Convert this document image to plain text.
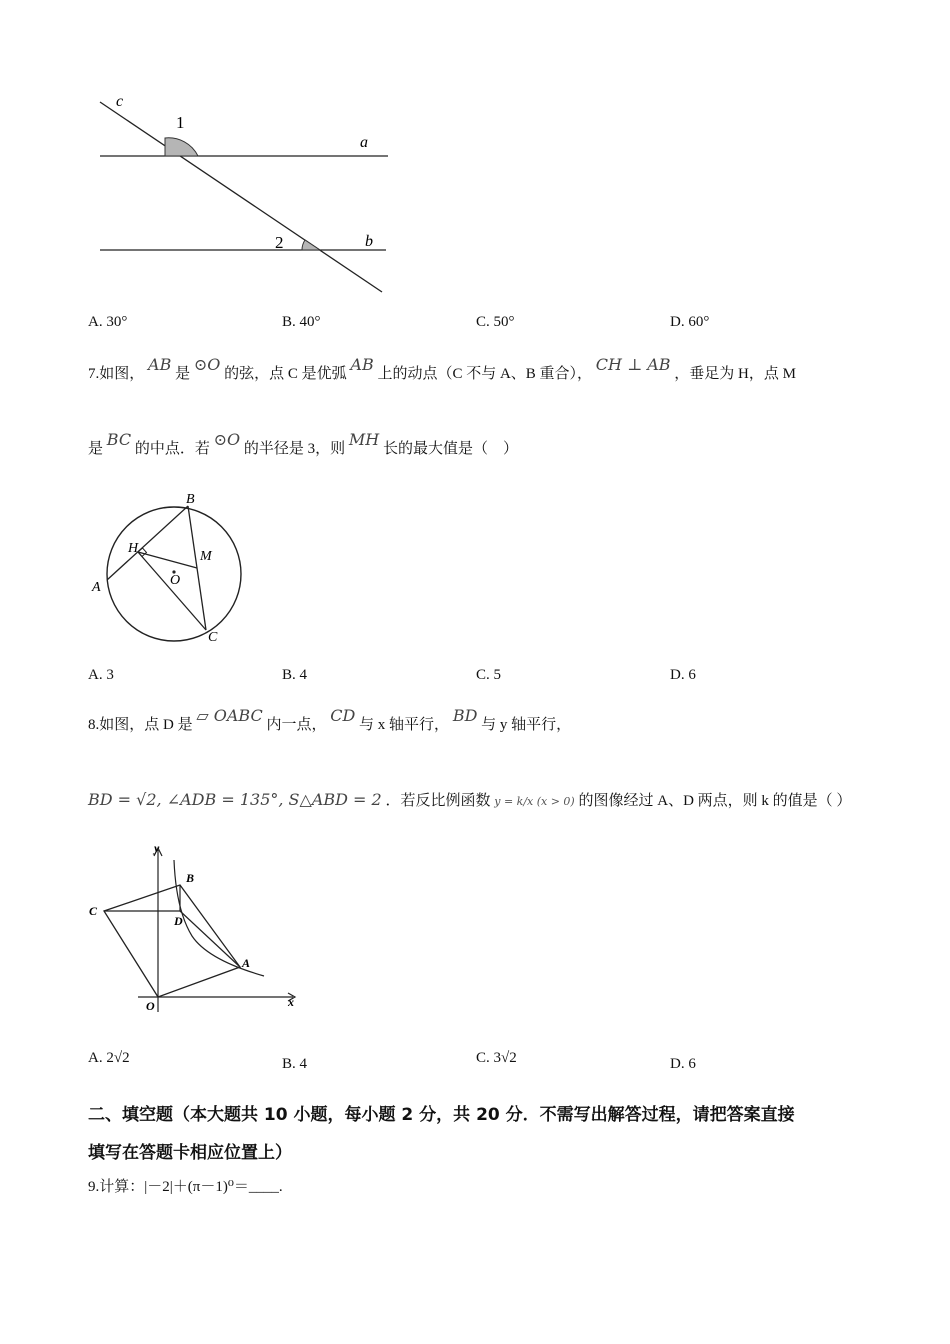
c
a
b
1
2
A. 30°	B. 40°	C. 50°	D. 60°
7.如图， AB 是 ⊙O 的弦，点 C 是优弧 AB 上的动点（C 不与 A、B 重合）， CH ⊥ AB ，垂足为 H，点 M
是 BC 的中点．若 ⊙O 的半径是 3，则 MH 长的最大值是（　）
A
B
C
H
M
O
A. 3	B. 4	C. 5	D. 6
8.如图，点 D 是 ▱ OABC 内一点， CD 与 x 轴平行， BD 与 y 轴平行，
BD = √2, ∠ADB = 135°, S△ABD = 2 ．若反比例函数 y = k/x (x > 0) 的图像经过 A、D 两点，则 k 的值是（ ）
y
x
O
A
B
C
D
A. 2√2	B. 4	C. 3√2	D. 6
二、填空题（本大题共 10 小题，每小题 2 分，共 20 分．不需写出解答过程，请把答案直接
填写在答题卡相应位置上）
9.计算：|－2|＋(π－1)⁰＝____.
